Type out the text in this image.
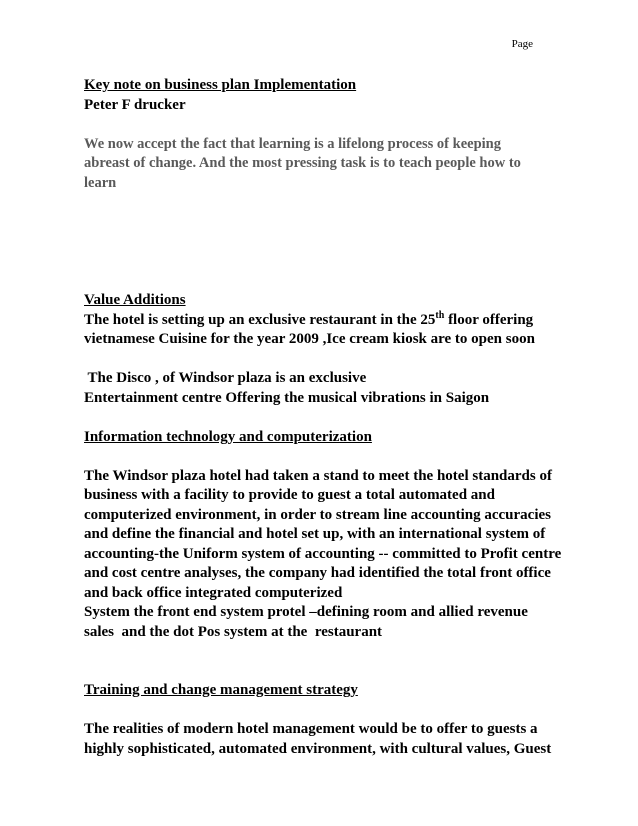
Page
Key note on business plan Implementation
Peter F drucker
We now accept the fact that learning is a lifelong process of keeping
abreast of change. And the most pressing task is to teach people how to
learn
Value Additions
The hotel is setting up an exclusive restaurant in the 25th floor offering
vietnamese Cuisine for the year 2009 ,Ice cream kiosk are to open soon
The Disco , of Windsor plaza is an exclusive
Entertainment centre Offering the musical vibrations in Saigon
Information technology and computerization
The Windsor plaza hotel had taken a stand to meet the hotel standards of
business with a facility to provide to guest a total automated and
computerized environment, in order to stream line accounting accuracies
and define the financial and hotel set up, with an international system of
accounting-the Uniform system of accounting -- committed to Profit centre
and cost centre analyses, the company had identified the total front office
and back office integrated computerized
System the front end system protel –defining room and allied revenue
sales  and the dot Pos system at the  restaurant
Training and change management strategy
The realities of modern hotel management would be to offer to guests a
highly sophisticated, automated environment, with cultural values, Guest
